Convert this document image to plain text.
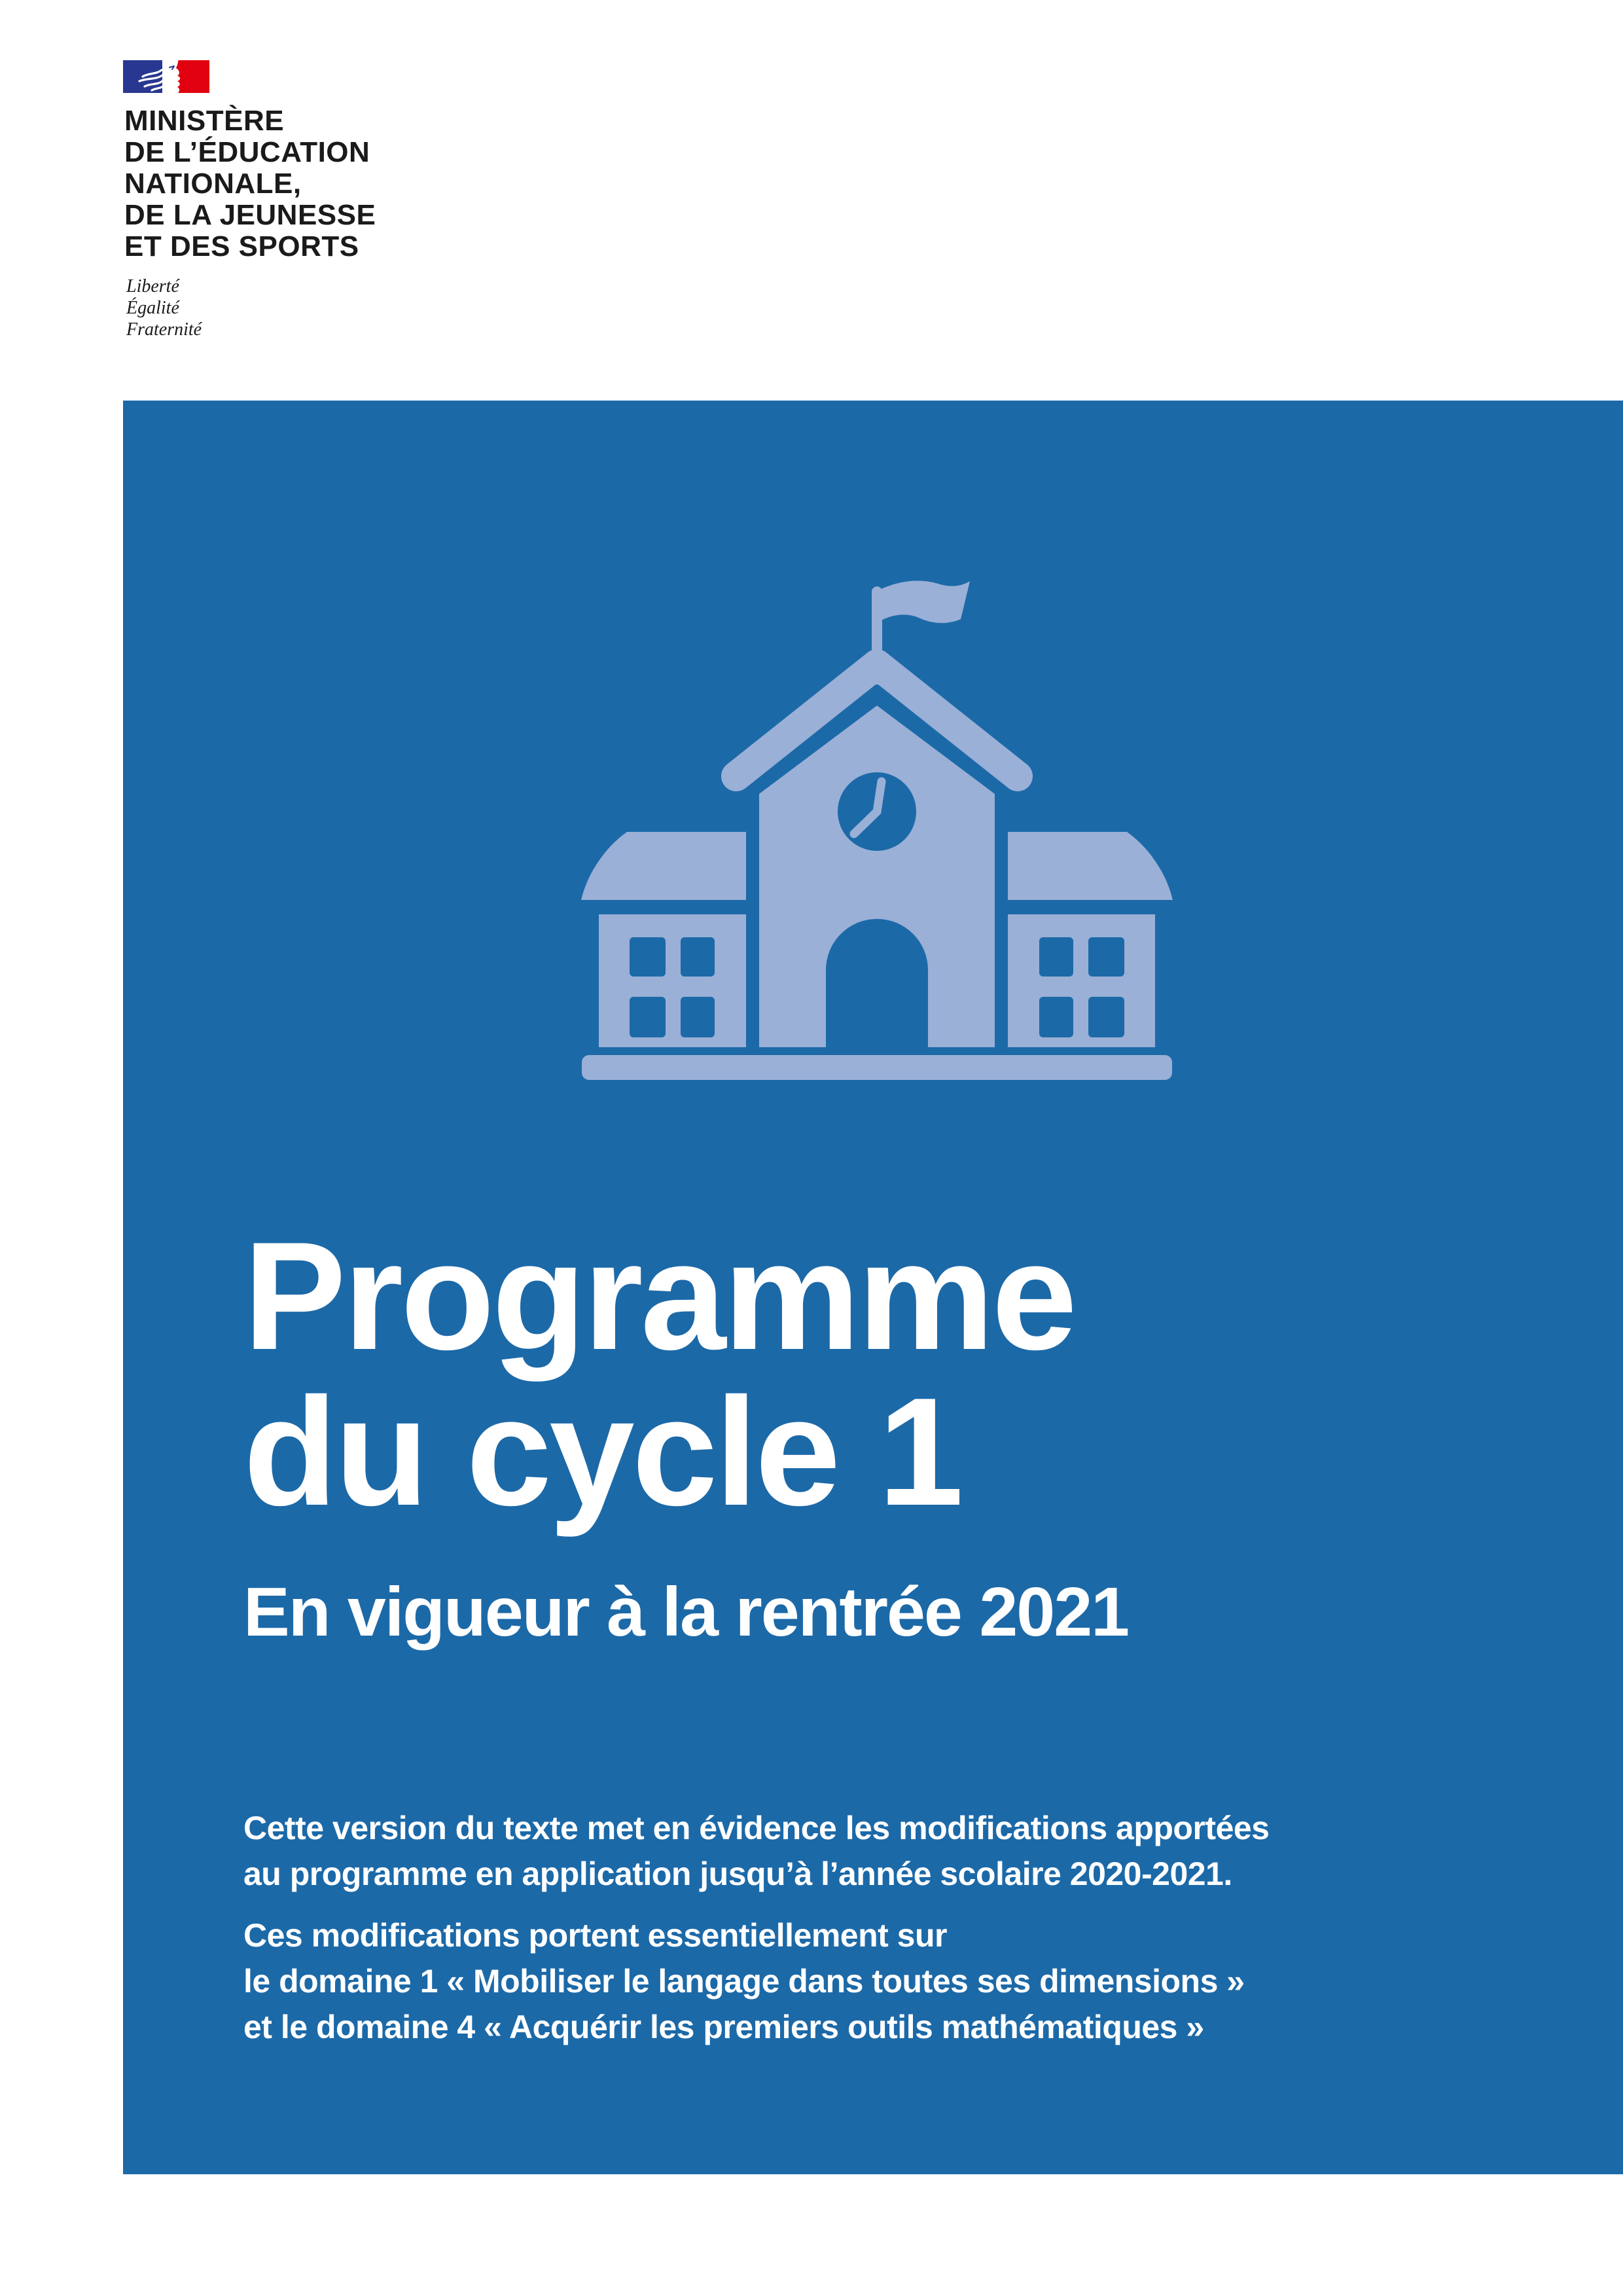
MINISTÈRE
DE L’ÉDUCATION
NATIONALE,
DE LA JEUNESSE
ET DES SPORTS
Liberté
Égalité
Fraternité
Programme
du cycle 1
En vigueur à la rentrée 2021
Cette version du texte met en évidence les modifications apportées
au programme en application jusqu’à l’année scolaire 2020-2021.
Ces modifications portent essentiellement sur
le domaine 1 « Mobiliser le langage dans toutes ses dimensions »
et le domaine 4 « Acquérir les premiers outils mathématiques »
